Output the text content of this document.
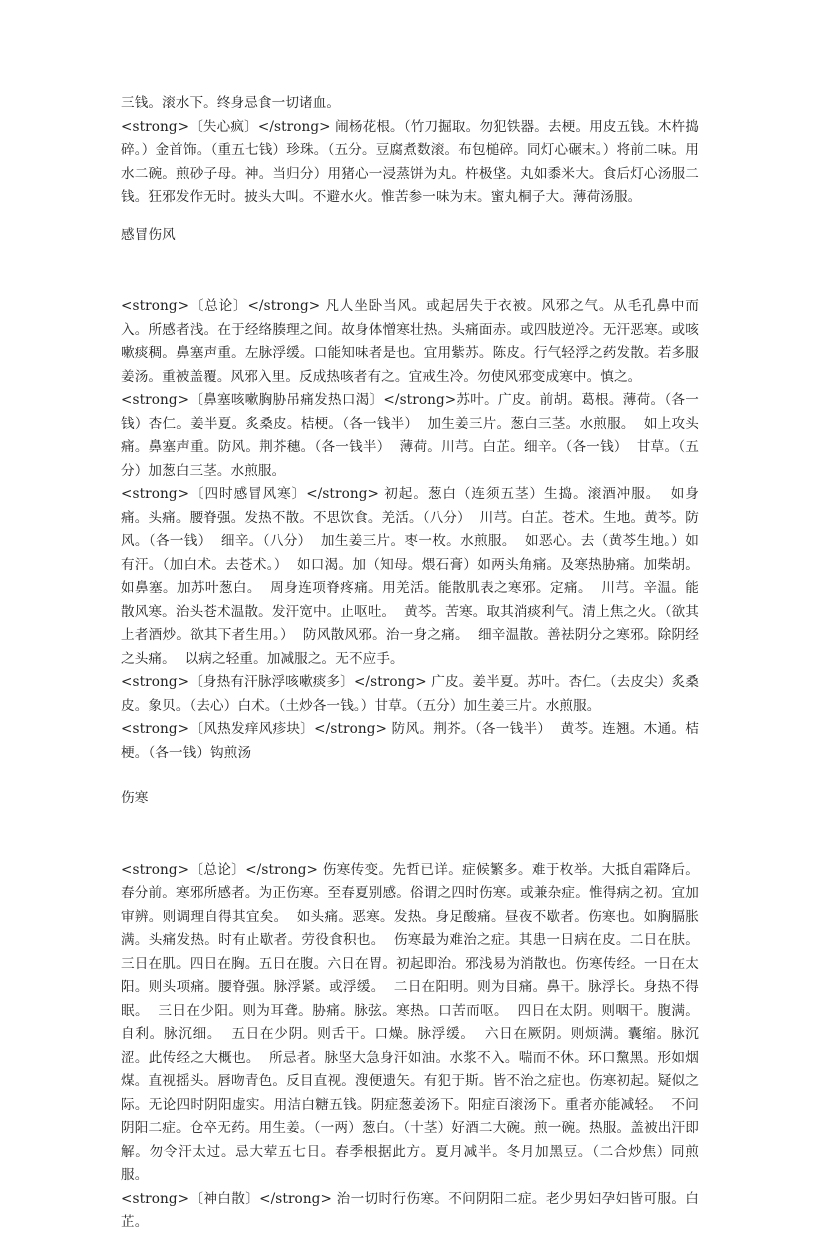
三钱。滚水下。终身忌食一切诸血。
<strong>〔失心疯〕</strong> 闹杨花根。（竹刀掘取。勿犯铁器。去梗。用皮五钱。木杵捣碎。）金首饰。（重五七钱）珍珠。（五分。豆腐煮数滚。布包槌碎。同灯心碾末。）将前二味。用水二碗。煎砂子母。神。当归分）用猪心一浸蒸饼为丸。杵极垡。丸如黍米大。食后灯心汤服二钱。狂邪发作无时。披头大叫。不避水火。惟苦参一味为末。蜜丸桐子大。薄荷汤服。

感冒伤风

<strong>〔总论〕</strong> 凡人坐卧当风。或起居失于衣被。风邪之气。从毛孔鼻中而入。所感者浅。在于经络腠理之间。故身体憎寒壮热。头痛面赤。或四肢逆冷。无汗恶寒。或咳嗽痰稠。鼻塞声重。左脉浮缓。口能知味者是也。宜用紫苏。陈皮。行气轻浮之药发散。若多服姜汤。重被盖覆。风邪入里。反成热咳者有之。宜戒生冷。勿使风邪变成寒中。慎之。
<strong>〔鼻塞咳嗽胸胁吊痛发热口渴〕</strong>苏叶。广皮。前胡。葛根。薄荷。（各一钱）杏仁。姜半夏。炙桑皮。桔梗。（各一钱半）  加生姜三片。葱白三茎。水煎服。  如上攻头痛。鼻塞声重。防风。荆芥穗。（各一钱半）  薄荷。川芎。白芷。细辛。（各一钱）  甘草。（五分）加葱白三茎。水煎服。
<strong>〔四时感冒风寒〕</strong> 初起。葱白（连须五茎）生捣。滚酒冲服。  如身痛。头痛。腰脊强。发热不散。不思饮食。羌活。（八分）  川芎。白芷。苍术。生地。黄芩。防风。（各一钱）  细辛。（八分）  加生姜三片。枣一枚。水煎服。  如恶心。去（黄芩生地。）如有汗。（加白术。去苍术。）  如口渴。加（知母。煨石膏）如两头角痛。及寒热胁痛。加柴胡。如鼻塞。加苏叶葱白。  周身连项脊疼痛。用羌活。能散肌表之寒邪。定痛。  川芎。辛温。能散风寒。治头苍术温散。发汗宽中。止呕吐。  黄芩。苦寒。取其消痰利气。清上焦之火。（欲其上者酒炒。欲其下者生用。）  防风散风邪。治一身之痛。  细辛温散。善祛阴分之寒邪。除阴经之头痛。  以病之轻重。加减服之。无不应手。
<strong>〔身热有汗脉浮咳嗽痰多〕</strong> 广皮。姜半夏。苏叶。杏仁。（去皮尖）炙桑皮。象贝。（去心）白术。（土炒各一钱。）甘草。（五分）加生姜三片。水煎服。
<strong>〔风热发痒风疹块〕</strong> 防风。荆芥。（各一钱半）  黄芩。连翘。木通。桔梗。（各一钱）钩煎汤

伤寒

<strong>〔总论〕</strong> 伤寒传变。先哲已详。症候繁多。难于枚举。大抵自霜降后。春分前。寒邪所感者。为正伤寒。至春夏别感。俗谓之四时伤寒。或兼杂症。惟得病之初。宜加审辨。则调理自得其宜矣。  如头痛。恶寒。发热。身足酸痛。昼夜不歇者。伤寒也。如胸膈胀满。头痛发热。时有止歇者。劳役食积也。  伤寒最为难治之症。其患一日病在皮。二日在肤。三日在肌。四日在胸。五日在腹。六日在胃。初起即治。邪浅易为消散也。伤寒传经。一日在太阳。则头项痛。腰脊强。脉浮紧。或浮缓。  二日在阳明。则为目痛。鼻干。脉浮长。身热不得眠。  三日在少阳。则为耳聋。胁痛。脉弦。寒热。口苦而呕。  四日在太阴。则咽干。腹满。自利。脉沉细。  五日在少阴。则舌干。口燥。脉浮缓。  六日在厥阴。则烦满。囊缩。脉沉涩。此传经之大概也。  所忌者。脉坚大急身汗如油。水浆不入。喘而不休。环口黧黑。形如烟煤。直视摇头。唇吻青色。反目直视。溲便遗矢。有犯于斯。皆不治之症也。伤寒初起。疑似之际。无论四时阴阳虚实。用洁白糖五钱。阴症葱姜汤下。阳症百滚汤下。重者亦能减轻。  不问阴阳二症。仓卒无药。用生姜。（一两）葱白。（十茎）好酒二大碗。煎一碗。热服。盖被出汗即解。勿令汗太过。忌大荤五七日。春季根据此方。夏月减半。冬月加黑豆。（二合炒焦）同煎服。
<strong>〔神白散〕</strong> 治一切时行伤寒。不问阴阳二症。老少男妇孕妇皆可服。白芷。
